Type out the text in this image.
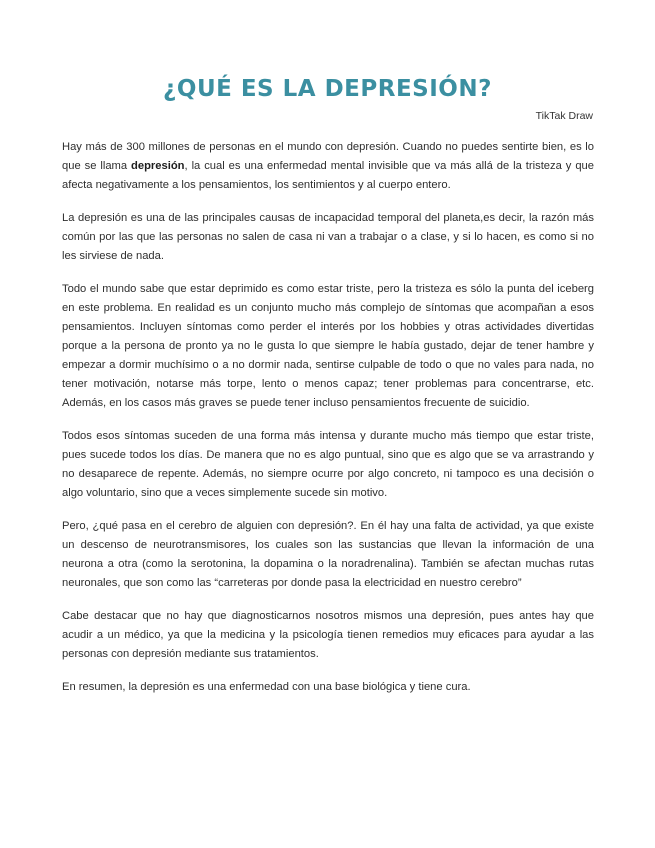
¿QUÉ ES LA DEPRESIÓN?
TikTak Draw

Hay más de 300 millones de personas en el mundo con depresión. Cuando no puedes sentirte bien, es lo que se llama depresión, la cual es una enfermedad mental invisible que va más allá de la tristeza y que afecta negativamente a los pensamientos, los sentimientos y al cuerpo entero.

La depresión es una de las principales causas de incapacidad temporal del planeta,es decir, la razón más común por las que las personas no salen de casa ni van a trabajar o a clase, y si lo hacen, es como si no les sirviese de nada.

Todo el mundo sabe que estar deprimido es como estar triste, pero la tristeza es sólo la punta del iceberg en este problema. En realidad es un conjunto mucho más complejo de síntomas que acompañan a esos pensamientos. Incluyen síntomas como perder el interés por los hobbies y otras actividades divertidas porque a la persona de pronto ya no le gusta lo que siempre le había gustado, dejar de tener hambre y empezar a dormir muchísimo o a no dormir nada, sentirse culpable de todo o que no vales para nada, no tener motivación, notarse más torpe, lento o menos capaz; tener problemas para concentrarse, etc. Además, en los casos más graves se puede tener incluso pensamientos frecuente de suicidio.

Todos esos síntomas suceden de una forma más intensa y durante mucho más tiempo que estar triste, pues sucede todos los días. De manera que no es algo puntual, sino que es algo que se va arrastrando y no desaparece de repente. Además, no siempre ocurre por algo concreto, ni tampoco es una decisión o algo voluntario, sino que a veces simplemente sucede sin motivo.

Pero, ¿qué pasa en el cerebro de alguien con depresión?. En él hay una falta de actividad, ya que existe un descenso de neurotransmisores, los cuales son las sustancias que llevan la información de una neurona a otra (como la serotonina, la dopamina o la noradrenalina). También se afectan muchas rutas neuronales, que son como las “carreteras por donde pasa la electricidad en nuestro cerebro”

Cabe destacar que no hay que diagnosticarnos nosotros mismos una depresión, pues antes hay que acudir a un médico, ya que la medicina y la psicología tienen remedios muy eficaces para ayudar a las personas con depresión mediante sus tratamientos.

En resumen, la depresión es una enfermedad con una base biológica y tiene cura.
